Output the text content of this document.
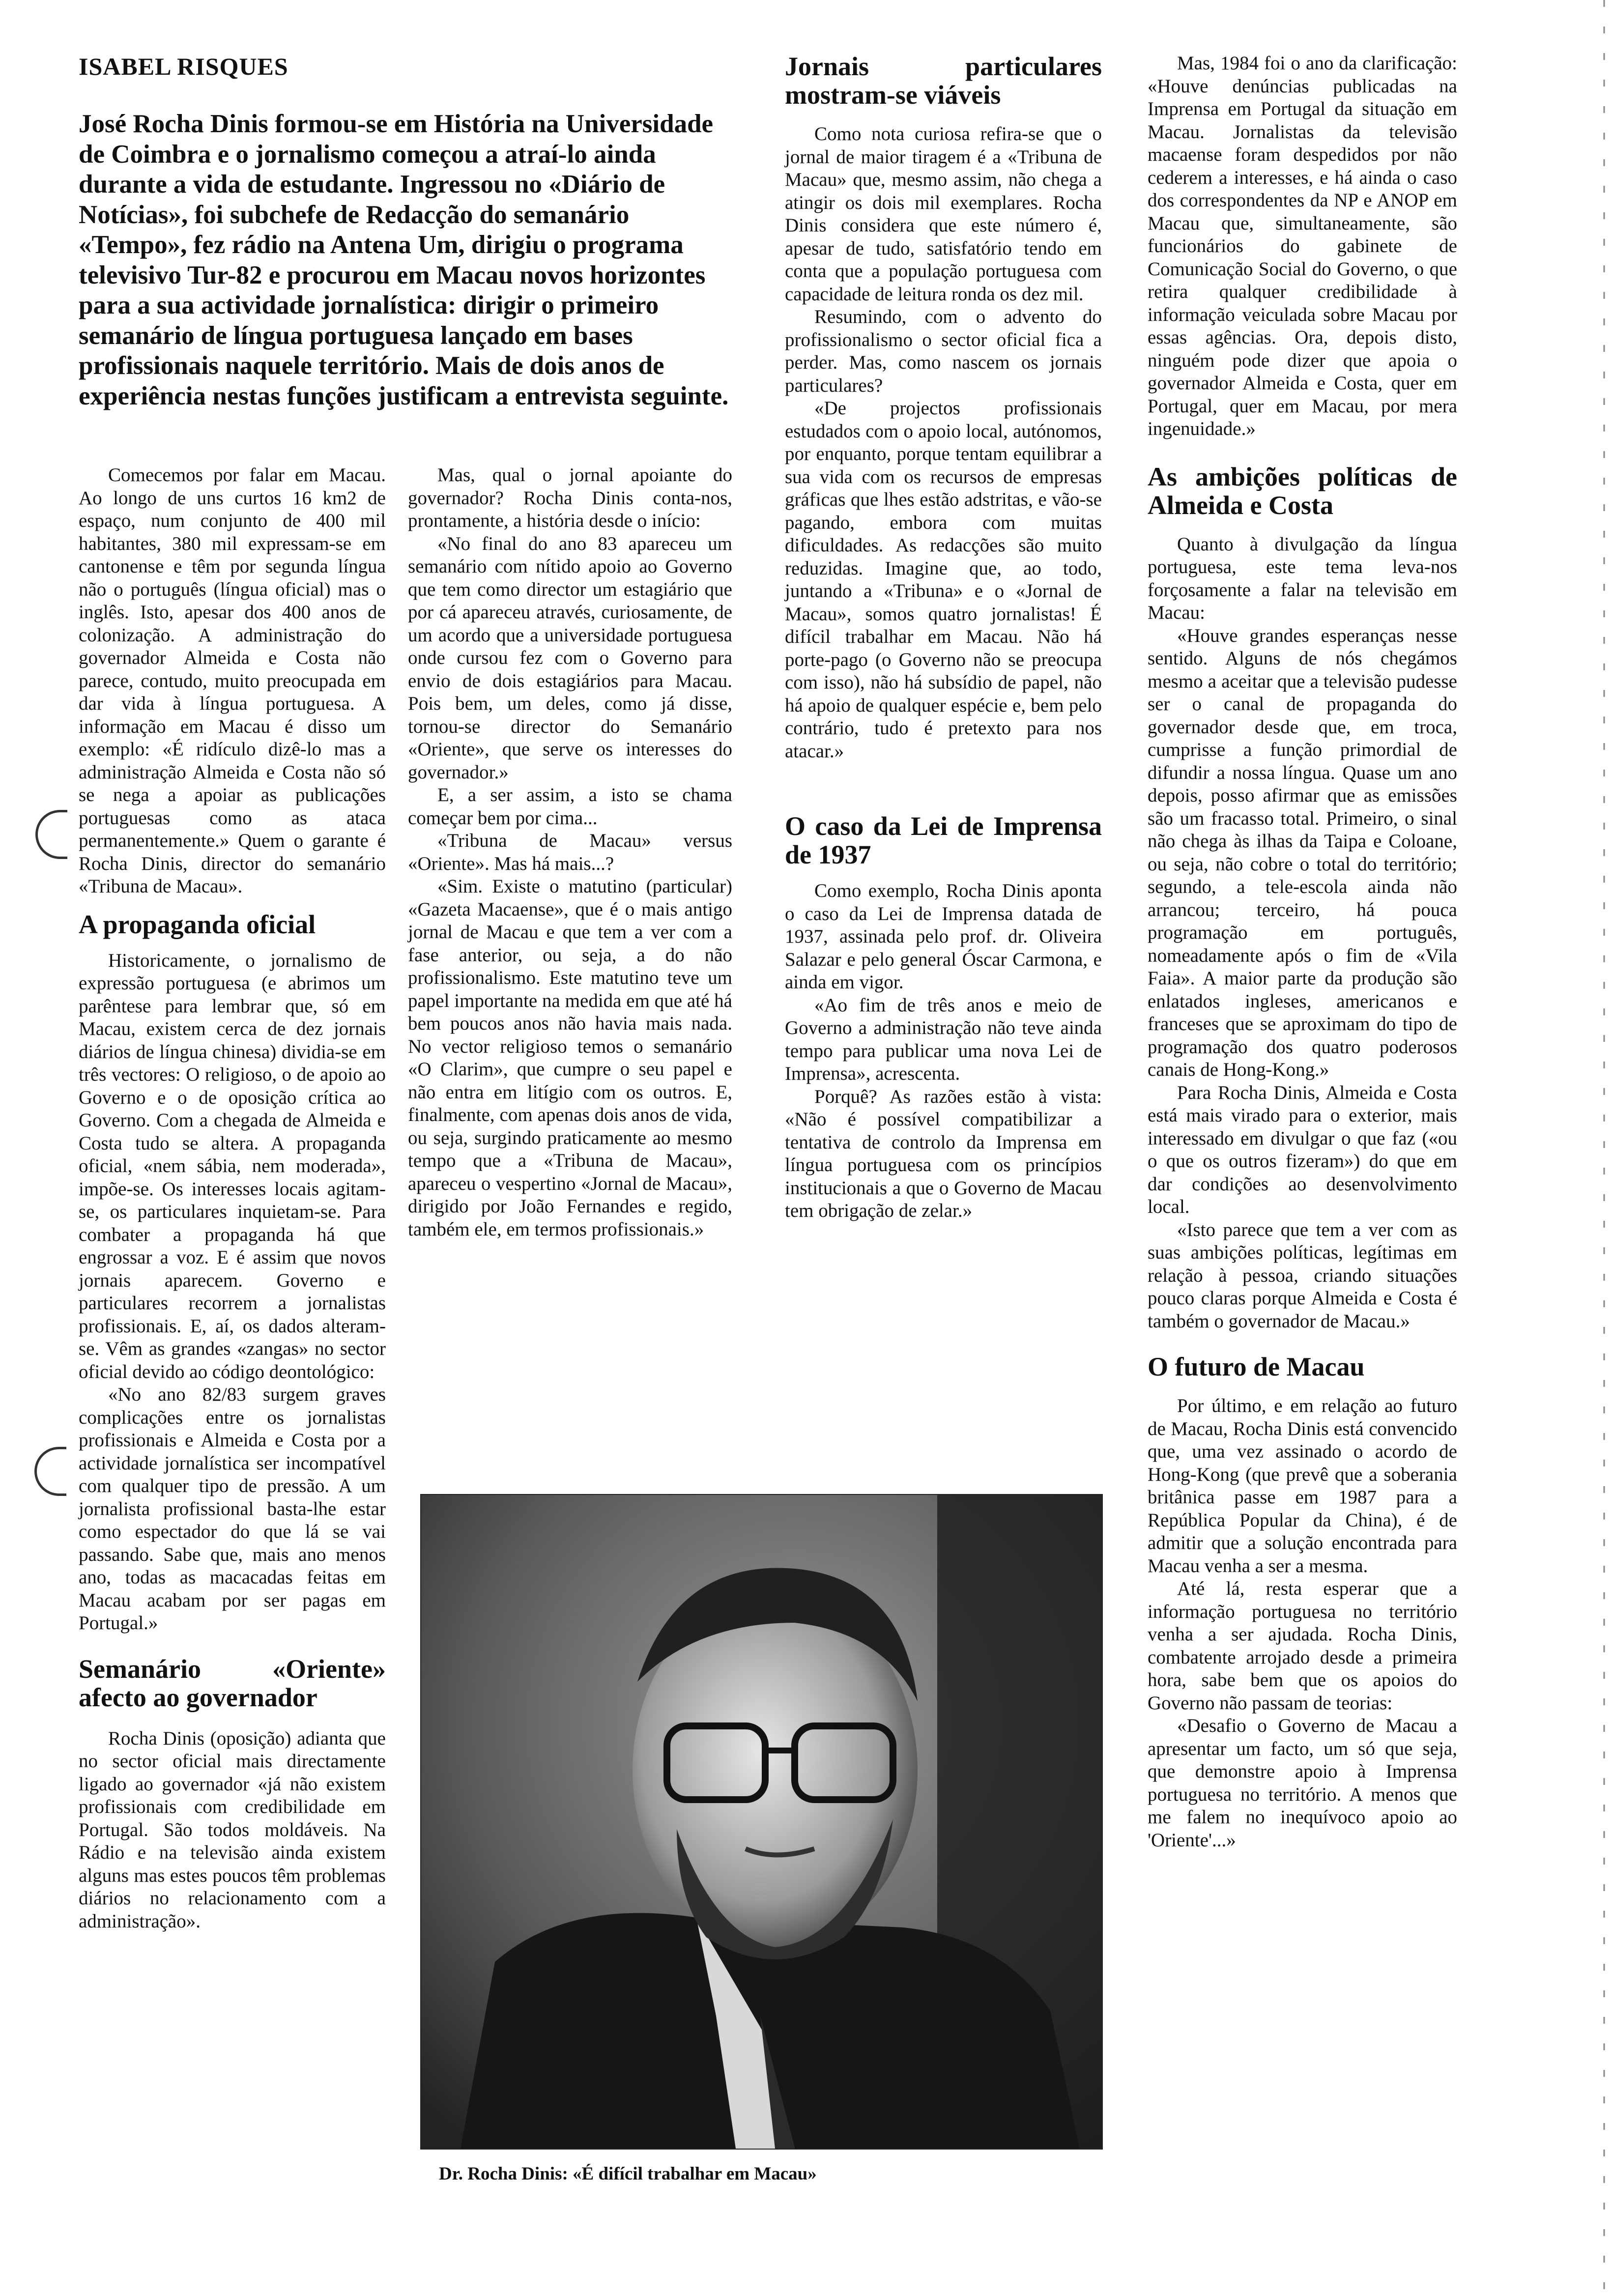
ISABEL RISQUES
José Rocha Dinis formou-se em História na Universidade de Coimbra e o jornalismo começou a atraí-lo ainda durante a vida de estudante. Ingressou no «Diário de Notícias», foi subchefe de Redacção do semanário «Tempo», fez rádio na Antena Um, dirigiu o programa televisivo Tur-82 e procurou em Macau novos horizontes para a sua actividade jornalística: dirigir o primeiro semanário de língua portuguesa lançado em bases profissionais naquele território. Mais de dois anos de experiência nestas funções justificam a entrevista seguinte.

Comecemos por falar em Macau. Ao longo de uns curtos 16 km2 de espaço, num conjunto de 400 mil habitantes, 380 mil expressam-se em cantonense e têm por segunda língua não o português (língua oficial) mas o inglês. Isto, apesar dos 400 anos de colonização. A administração do governador Almeida e Costa não parece, contudo, muito preocupada em dar vida à língua portuguesa. A informação em Macau é disso um exemplo: «É ridículo dizê-lo mas a administração Almeida e Costa não só se nega a apoiar as publicações portuguesas como as ataca permanentemente.» Quem o garante é Rocha Dinis, director do semanário «Tribuna de Macau».

A propaganda oficial

Historicamente, o jornalismo de expressão portuguesa (e abrimos um parêntese para lembrar que, só em Macau, existem cerca de dez jornais diários de língua chinesa) dividia-se em três vectores: O religioso, o de apoio ao Governo e o de oposição crítica ao Governo. Com a chegada de Almeida e Costa tudo se altera. A propaganda oficial, «nem sábia, nem moderada», impõe-se. Os interesses locais agitam-se, os particulares inquietam-se. Para combater a propaganda há que engrossar a voz. E é assim que novos jornais aparecem. Governo e particulares recorrem a jornalistas profissionais. E, aí, os dados alteram-se. Vêm as grandes «zangas» no sector oficial devido ao código deontológico:

«No ano 82/83 surgem graves complicações entre os jornalistas profissionais e Almeida e Costa por a actividade jornalística ser incompatível com qualquer tipo de pressão. A um jornalista profissional basta-lhe estar como espectador do que lá se vai passando. Sabe que, mais ano menos ano, todas as macacadas feitas em Macau acabam por ser pagas em Portugal.»

Semanário «Oriente» afecto ao governador

Rocha Dinis (oposição) adianta que no sector oficial mais directamente ligado ao governador «já não existem profissionais com credibilidade em Portugal. São todos moldáveis. Na Rádio e na televisão ainda existem alguns mas estes poucos têm problemas diários no relacionamento com a administração».

Mas, qual o jornal apoiante do governador? Rocha Dinis conta-nos, prontamente, a história desde o início:

«No final do ano 83 apareceu um semanário com nítido apoio ao Governo que tem como director um estagiário que por cá apareceu através, curiosamente, de um acordo que a universidade portuguesa onde cursou fez com o Governo para envio de dois estagiários para Macau. Pois bem, um deles, como já disse, tornou-se director do Semanário «Oriente», que serve os interesses do governador.»

E, a ser assim, a isto se chama começar bem por cima...

«Tribuna de Macau» versus «Oriente». Mas há mais...?

«Sim. Existe o matutino (particular) «Gazeta Macaense», que é o mais antigo jornal de Macau e que tem a ver com a fase anterior, ou seja, a do não profissionalismo. Este matutino teve um papel importante na medida em que até há bem poucos anos não havia mais nada. No vector religioso temos o semanário «O Clarim», que cumpre o seu papel e não entra em litígio com os outros. E, finalmente, com apenas dois anos de vida, ou seja, surgindo praticamente ao mesmo tempo que a «Tribuna de Macau», apareceu o vespertino «Jornal de Macau», dirigido por João Fernandes e regido, também ele, em termos profissionais.»

Jornais particulares mostram-se viáveis

Como nota curiosa refira-se que o jornal de maior tiragem é a «Tribuna de Macau» que, mesmo assim, não chega a atingir os dois mil exemplares. Rocha Dinis considera que este número é, apesar de tudo, satisfatório tendo em conta que a população portuguesa com capacidade de leitura ronda os dez mil.

Resumindo, com o advento do profissionalismo o sector oficial fica a perder. Mas, como nascem os jornais particulares?

«De projectos profissionais estudados com o apoio local, autónomos, por enquanto, porque tentam equilibrar a sua vida com os recursos de empresas gráficas que lhes estão adstritas, e vão-se pagando, embora com muitas dificuldades. As redacções são muito reduzidas. Imagine que, ao todo, juntando a «Tribuna» e o «Jornal de Macau», somos quatro jornalistas! É difícil trabalhar em Macau. Não há porte-pago (o Governo não se preocupa com isso), não há subsídio de papel, não há apoio de qualquer espécie e, bem pelo contrário, tudo é pretexto para nos atacar.»

O caso da Lei de Imprensa de 1937

Como exemplo, Rocha Dinis aponta o caso da Lei de Imprensa datada de 1937, assinada pelo prof. dr. Oliveira Salazar e pelo general Óscar Carmona, e ainda em vigor.

«Ao fim de três anos e meio de Governo a administração não teve ainda tempo para publicar uma nova Lei de Imprensa», acrescenta.

Porquê? As razões estão à vista: «Não é possível compatibilizar a tentativa de controlo da Imprensa em língua portuguesa com os princípios institucionais a que o Governo de Macau tem obrigação de zelar.»

Mas, 1984 foi o ano da clarificação: «Houve denúncias publicadas na Imprensa em Portugal da situação em Macau. Jornalistas da televisão macaense foram despedidos por não cederem a interesses, e há ainda o caso dos correspondentes da NP e ANOP em Macau que, simultaneamente, são funcionários do gabinete de Comunicação Social do Governo, o que retira qualquer credibilidade à informação veiculada sobre Macau por essas agências. Ora, depois disto, ninguém pode dizer que apoia o governador Almeida e Costa, quer em Portugal, quer em Macau, por mera ingenuidade.»

As ambições políticas de Almeida e Costa

Quanto à divulgação da língua portuguesa, este tema leva-nos forçosamente a falar na televisão em Macau:

«Houve grandes esperanças nesse sentido. Alguns de nós chegámos mesmo a aceitar que a televisão pudesse ser o canal de propaganda do governador desde que, em troca, cumprisse a função primordial de difundir a nossa língua. Quase um ano depois, posso afirmar que as emissões são um fracasso total. Primeiro, o sinal não chega às ilhas da Taipa e Coloane, ou seja, não cobre o total do território; segundo, a tele-escola ainda não arrancou; terceiro, há pouca programação em português, nomeadamente após o fim de «Vila Faia». A maior parte da produção são enlatados ingleses, americanos e franceses que se aproximam do tipo de programação dos quatro poderosos canais de Hong-Kong.»

Para Rocha Dinis, Almeida e Costa está mais virado para o exterior, mais interessado em divulgar o que faz («ou o que os outros fizeram») do que em dar condições ao desenvolvimento local.

«Isto parece que tem a ver com as suas ambições políticas, legítimas em relação à pessoa, criando situações pouco claras porque Almeida e Costa é também o governador de Macau.»

O futuro de Macau

Por último, e em relação ao futuro de Macau, Rocha Dinis está convencido que, uma vez assinado o acordo de Hong-Kong (que prevê que a soberania britânica passe em 1987 para a República Popular da China), é de admitir que a solução encontrada para Macau venha a ser a mesma.

Até lá, resta esperar que a informação portuguesa no território venha a ser ajudada. Rocha Dinis, combatente arrojado desde a primeira hora, sabe bem que os apoios do Governo não passam de teorias:

«Desafio o Governo de Macau a apresentar um facto, um só que seja, que demonstre apoio à Imprensa portuguesa no território. A menos que me falem no inequívoco apoio ao 'Oriente'...»

Dr. Rocha Dinis: «É difícil trabalhar em Macau»
